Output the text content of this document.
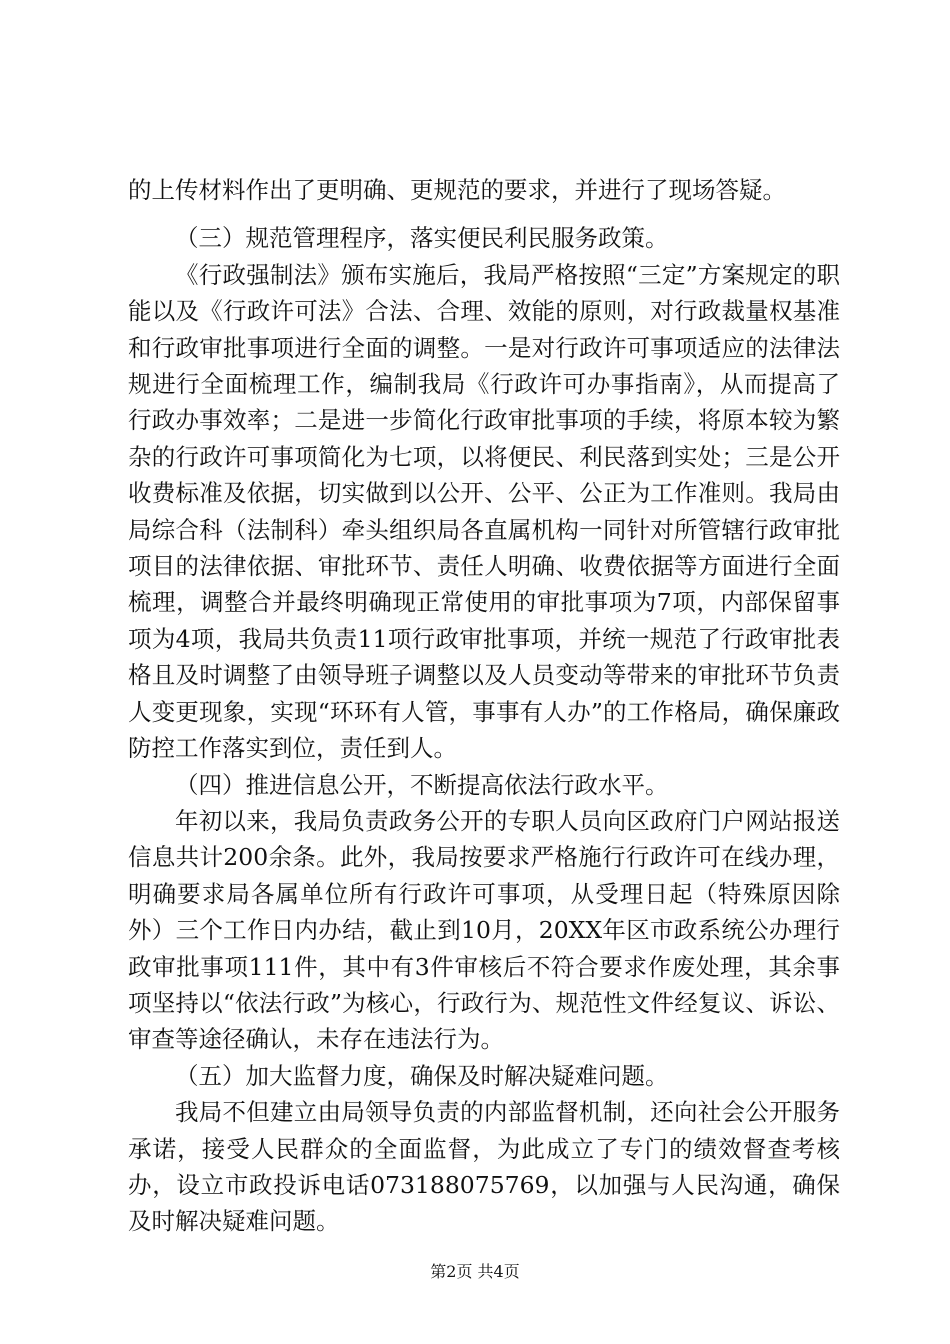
的上传材料作出了更明确、更规范的要求，并进行了现场答疑。

（三）规范管理程序，落实便民利民服务政策。

《行政强制法》颁布实施后，我局严格按照“三定”方案规定的职能以及《行政许可法》合法、合理、效能的原则，对行政裁量权基准和行政审批事项进行全面的调整。一是对行政许可事项适应的法律法规进行全面梳理工作，编制我局《行政许可办事指南》，从而提高了行政办事效率；二是进一步简化行政审批事项的手续，将原本较为繁杂的行政许可事项简化为七项，以将便民、利民落到实处；三是公开收费标准及依据，切实做到以公开、公平、公正为工作准则。我局由局综合科（法制科）牵头组织局各直属机构一同针对所管辖行政审批项目的法律依据、审批环节、责任人明确、收费依据等方面进行全面梳理，调整合并最终明确现正常使用的审批事项为7项，内部保留事项为4项，我局共负责11项行政审批事项，并统一规范了行政审批表格且及时调整了由领导班子调整以及人员变动等带来的审批环节负责人变更现象，实现“环环有人管，事事有人办”的工作格局，确保廉政防控工作落实到位，责任到人。

（四）推进信息公开，不断提高依法行政水平。

年初以来，我局负责政务公开的专职人员向区政府门户网站报送信息共计200余条。此外，我局按要求严格施行行政许可在线办理，明确要求局各属单位所有行政许可事项，从受理日起（特殊原因除外）三个工作日内办结，截止到10月，20XX年区市政系统公办理行政审批事项111件，其中有3件审核后不符合要求作废处理，其余事项坚持以“依法行政”为核心，行政行为、规范性文件经复议、诉讼、审查等途径确认，未存在违法行为。

（五）加大监督力度，确保及时解决疑难问题。

我局不但建立由局领导负责的内部监督机制，还向社会公开服务承诺，接受人民群众的全面监督，为此成立了专门的绩效督查考核办，设立市政投诉电话073188075769，以加强与人民沟通，确保及时解决疑难问题。

第2页 共4页
